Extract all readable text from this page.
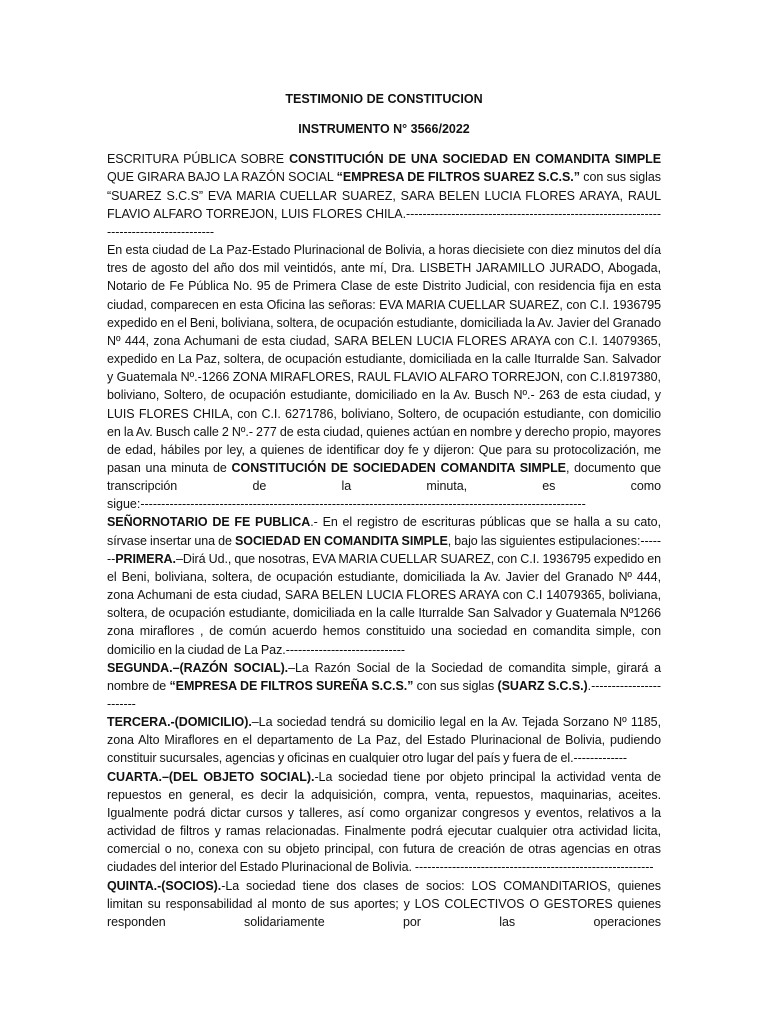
TESTIMONIO DE CONSTITUCION
INSTRUMENTO N° 3566/2022

ESCRITURA PÚBLICA SOBRE CONSTITUCIÓN DE UNA SOCIEDAD EN COMANDITA SIMPLE QUE GIRARA BAJO LA RAZÓN SOCIAL “EMPRESA DE FILTROS SUAREZ S.C.S.” con sus siglas “SUAREZ S.C.S” EVA MARIA CUELLAR SUAREZ, SARA BELEN LUCIA FLORES ARAYA, RAUL FLAVIO ALFARO TORREJON, LUIS FLORES CHILA.----------------------------------------------------------------------------------------

En esta ciudad de La Paz-Estado Plurinacional de Bolivia, a horas diecisiete con diez minutos del día tres de agosto del año dos mil veintidós, ante mí, Dra. LISBETH JARAMILLO JURADO, Abogada, Notario de Fe Pública No. 95 de Primera Clase de este Distrito Judicial, con residencia fija en esta ciudad, comparecen en esta Oficina las señoras: EVA MARIA CUELLAR SUAREZ, con C.I. 1936795 expedido en el Beni, boliviana, soltera, de ocupación estudiante, domiciliada la Av. Javier del Granado Nº 444, zona Achumani de esta ciudad, SARA BELEN LUCIA FLORES ARAYA con C.I. 14079365, expedido en La Paz, soltera, de ocupación estudiante, domiciliada en la calle Iturralde San. Salvador y Guatemala Nº.-1266 ZONA MIRAFLORES, RAUL FLAVIO ALFARO TORREJON, con C.I.8197380, boliviano, Soltero, de ocupación estudiante, domiciliado en la Av. Busch Nº.- 263 de esta ciudad, y LUIS FLORES CHILA, con C.I. 6271786, boliviano, Soltero, de ocupación estudiante, con domicilio en la Av. Busch calle 2 Nº.- 277 de esta ciudad, quienes actúan en nombre y derecho propio, mayores de edad, hábiles por ley, a quienes de identificar doy fe y dijeron: Que para su protocolización, me pasan una minuta de CONSTITUCIÓN DE SOCIEDADEN COMANDITA SIMPLE, documento que transcripción de la minuta, es como

sigue:-----------------------------------------------------------------------------------------------------------

SEÑORNOTARIO DE FE PUBLICA.- En el registro de escrituras públicas que se halla a su cato, sírvase insertar una de SOCIEDAD EN COMANDITA SIMPLE, bajo las siguientes estipulaciones:-------PRIMERA.–Dirá Ud., que nosotras, EVA MARIA CUELLAR SUAREZ, con C.I. 1936795 expedido en el Beni, boliviana, soltera, de ocupación estudiante, domiciliada la Av. Javier del Granado Nº 444, zona Achumani de esta ciudad, SARA BELEN LUCIA FLORES ARAYA con C.I 14079365, boliviana, soltera, de ocupación estudiante, domiciliada en la calle Iturralde San Salvador y Guatemala Nº1266 zona miraflores , de común acuerdo hemos constituido una sociedad en comandita simple, con domicilio en la ciudad de La Paz.-----------------------------

SEGUNDA.–(RAZÓN SOCIAL).–La Razón Social de la Sociedad de comandita simple, girará a nombre de “EMPRESA DE FILTROS SUREÑA S.C.S.” con sus siglas (SUARZ S.C.S.).------------------------

TERCERA.-(DOMICILIO).–La sociedad tendrá su domicilio legal en la Av. Tejada Sorzano Nº 1185, zona Alto Miraflores en el departamento de La Paz, del Estado Plurinacional de Bolivia, pudiendo constituir sucursales, agencias y oficinas en cualquier otro lugar del país y fuera de el.-------------

CUARTA.–(DEL OBJETO SOCIAL).-La sociedad tiene por objeto principal la actividad venta de repuestos en general, es decir la adquisición, compra, venta, repuestos, maquinarias, aceites. Igualmente podrá dictar cursos y talleres, así como organizar congresos y eventos, relativos a la actividad de filtros y ramas relacionadas. Finalmente podrá ejecutar cualquier otra actividad licita, comercial o no, conexa con su objeto principal, con futura de creación de otras agencias en otras ciudades del interior del Estado Plurinacional de Bolivia. ----------------------------------------------------------

QUINTA.-(SOCIOS).-La sociedad tiene dos clases de socios: LOS COMANDITARIOS, quienes limitan su responsabilidad al monto de sus aportes; y LOS COLECTIVOS O GESTORES quienes responden solidariamente por las operaciones
